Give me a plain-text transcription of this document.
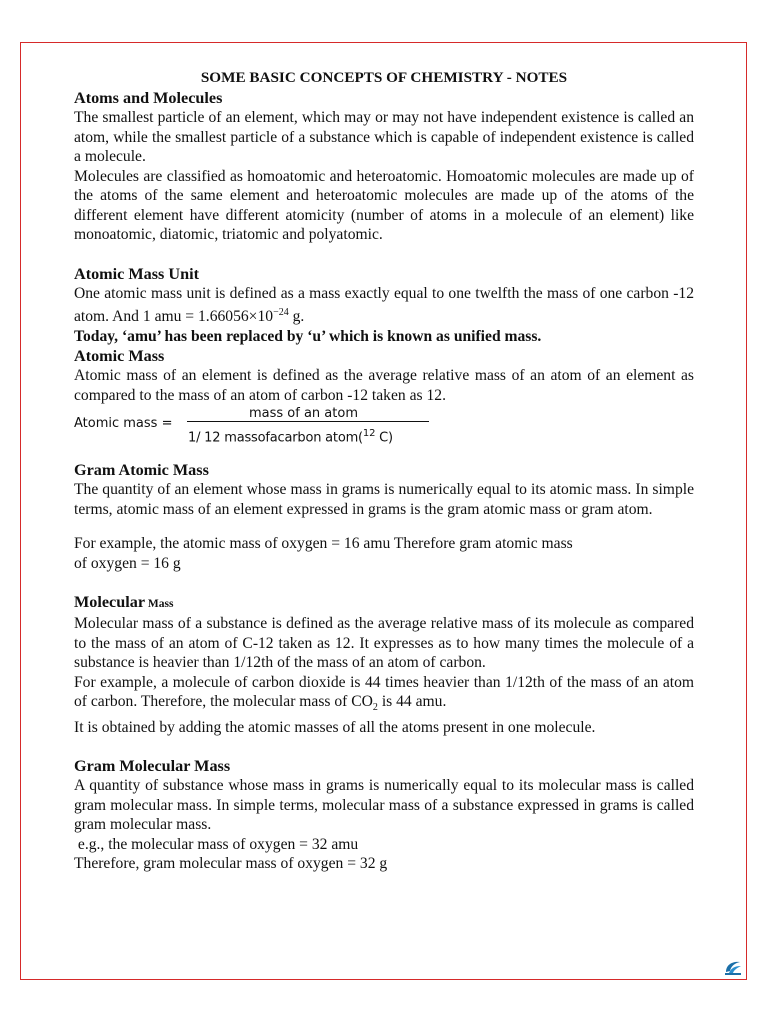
SOME BASIC CONCEPTS OF CHEMISTRY - NOTES
Atoms and Molecules

The smallest particle of an element, which may or may not have independent existence is called an atom, while the smallest particle of a substance which is capable of independent existence is called a molecule.

Molecules are classified as homoatomic and heteroatomic. Homoatomic molecules are made up of the atoms of the same element and heteroatomic molecules are made up of the atoms of the different element have different atomicity (number of atoms in a molecule of an element) like monoatomic, diatomic, triatomic and polyatomic.

Atomic Mass Unit

One atomic mass unit is defined as a mass exactly equal to one twelfth the mass of one carbon -12 atom. And 1 amu = $1.66056\times 10^{-24}$ g.

Today, ‘amu’ has been replaced by ‘u’ which is known as unified mass.

Atomic Mass

Atomic mass of an element is defined as the average relative mass of an atom of an element as compared to the mass of an atom of carbon -12 taken as 12.

Atomic mass =
mass of an atom
1/ 12 massofacarbon atom($^{12}$ C)
Gram Atomic Mass

The quantity of an element whose mass in grams is numerically equal to its atomic mass. In simple terms, atomic mass of an element expressed in grams is the gram atomic mass or gram atom.

For example, the atomic mass of oxygen = 16 amu Therefore gram atomic mass

of oxygen = 16 g

Molecular Mass

Molecular mass of a substance is defined as the average relative mass of its molecule as compared to the mass of an atom of C-12 taken as 12. It expresses as to how many times the molecule of a substance is heavier than 1/12th of the mass of an atom of carbon.

For example, a molecule of carbon dioxide is 44 times heavier than 1/12th of the mass of an atom of carbon. Therefore, the molecular mass of $CO_2$ is 44 amu.

It is obtained by adding the atomic masses of all the atoms present in one molecule.

Gram Molecular Mass

A quantity of substance whose mass in grams is numerically equal to its molecular mass is called gram molecular mass. In simple terms, molecular mass of a substance expressed in grams is called gram molecular mass.

e.g., the molecular mass of oxygen = 32 amu

Therefore, gram molecular mass of oxygen = 32 g
